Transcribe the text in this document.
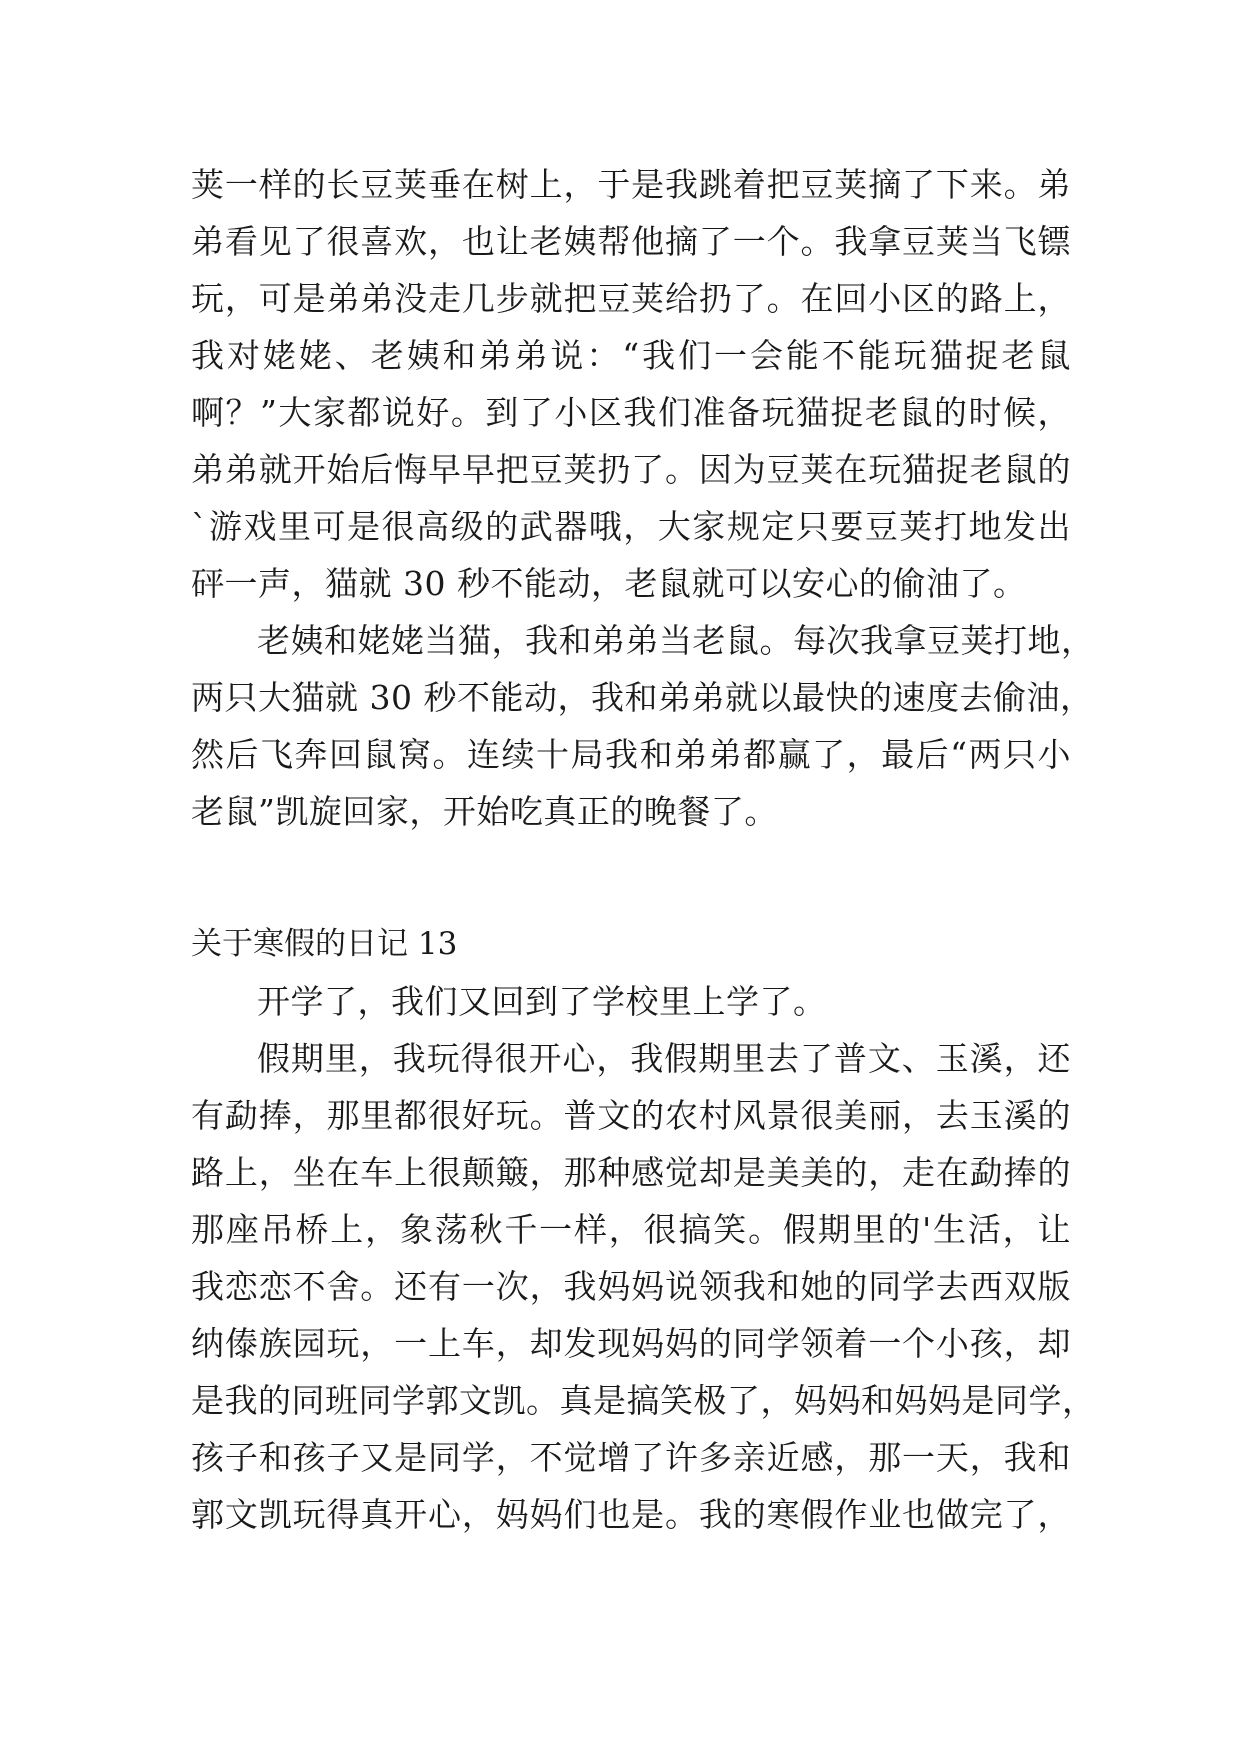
荚一样的长豆荚垂在树上，于是我跳着把豆荚摘了下来。弟
弟看见了很喜欢，也让老姨帮他摘了一个。我拿豆荚当飞镖
玩，可是弟弟没走几步就把豆荚给扔了。在回小区的路上，
我对姥姥、老姨和弟弟说：“我们一会能不能玩猫捉老鼠
啊？”大家都说好。到了小区我们准备玩猫捉老鼠的时候，
弟弟就开始后悔早早把豆荚扔了。因为豆荚在玩猫捉老鼠的
`游戏里可是很高级的武器哦，大家规定只要豆荚打地发出
砰一声，猫就 30 秒不能动，老鼠就可以安心的偷油了。
老姨和姥姥当猫，我和弟弟当老鼠。每次我拿豆荚打地，
两只大猫就 30 秒不能动，我和弟弟就以最快的速度去偷油，
然后飞奔回鼠窝。连续十局我和弟弟都赢了，最后“两只小
老鼠”凯旋回家，开始吃真正的晚餐了。
关于寒假的日记 13
开学了，我们又回到了学校里上学了。
假期里，我玩得很开心，我假期里去了普文、玉溪，还
有勐捧，那里都很好玩。普文的农村风景很美丽，去玉溪的
路上，坐在车上很颠簸，那种感觉却是美美的，走在勐捧的
那座吊桥上，象荡秋千一样，很搞笑。假期里的'生活，让
我恋恋不舍。还有一次，我妈妈说领我和她的同学去西双版
纳傣族园玩，一上车，却发现妈妈的同学领着一个小孩，却
是我的同班同学郭文凯。真是搞笑极了，妈妈和妈妈是同学，
孩子和孩子又是同学，不觉增了许多亲近感，那一天，我和
郭文凯玩得真开心，妈妈们也是。我的寒假作业也做完了，
